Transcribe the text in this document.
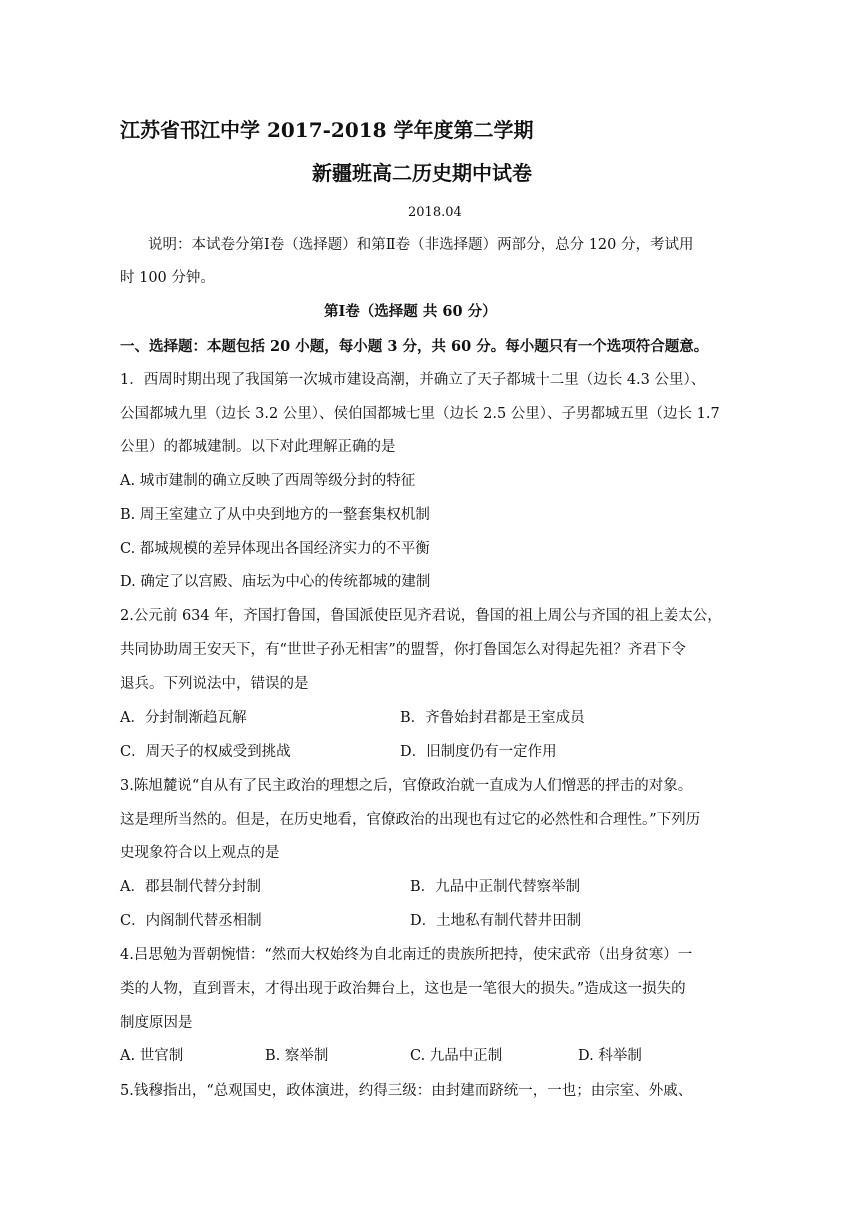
江苏省邗江中学 2017-2018 学年度第二学期
新疆班高二历史期中试卷
2018.04
说明：本试卷分第Ⅰ卷（选择题）和第Ⅱ卷（非选择题）两部分，总分 120 分，考试用
时 100 分钟。
第Ⅰ卷（选择题 共 60 分）
一、选择题：本题包括 20 小题，每小题 3 分，共 60 分。每小题只有一个选项符合题意。
1．西周时期出现了我国第一次城市建设高潮，并确立了天子都城十二里（边长 4.3 公里）、
公国都城九里（边长 3.2 公里）、侯伯国都城七里（边长 2.5 公里）、子男都城五里（边长 1.7
公里）的都城建制。以下对此理解正确的是
A. 城市建制的确立反映了西周等级分封的特征
B. 周王室建立了从中央到地方的一整套集权机制
C. 都城规模的差异体现出各国经济实力的不平衡
D. 确定了以宫殿、庙坛为中心的传统都城的建制
2.公元前 634 年，齐国打鲁国，鲁国派使臣见齐君说，鲁国的祖上周公与齐国的祖上姜太公，
共同协助周王安天下，有“世世子孙无相害”的盟誓，你打鲁国怎么对得起先祖？齐君下令
退兵。下列说法中，错误的是
A．分封制渐趋瓦解	B．齐鲁始封君都是王室成员
C．周天子的权威受到挑战	D．旧制度仍有一定作用
3.陈旭麓说“自从有了民主政治的理想之后，官僚政治就一直成为人们憎恶的抨击的对象。
这是理所当然的。但是，在历史地看，官僚政治的出现也有过它的必然性和合理性。”下列历
史现象符合以上观点的是
A．郡县制代替分封制	B．九品中正制代替察举制
C．内阁制代替丞相制	D．土地私有制代替井田制
4.吕思勉为晋朝惋惜：“然而大权始终为自北南迁的贵族所把持，使宋武帝（出身贫寒）一
类的人物，直到晋末，才得出现于政治舞台上，这也是一笔很大的损失。”造成这一损失的
制度原因是
A. 世官制	B. 察举制	C. 九品中正制	D. 科举制
5.钱穆指出，“总观国史，政体演进，约得三级：由封建而跻统一，一也；由宗室、外戚、
